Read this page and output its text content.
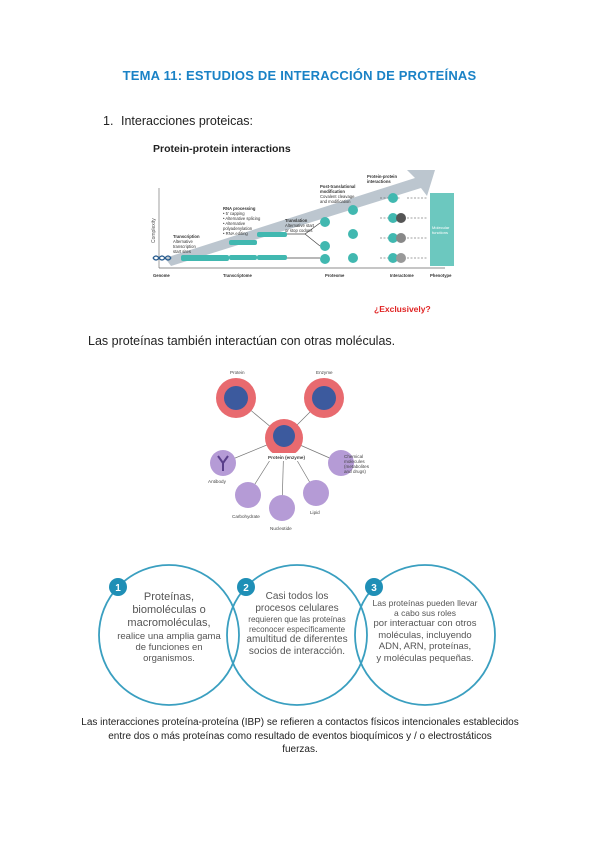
TEMA 11: ESTUDIOS DE INTERACCIÓN DE PROTEÍNAS
1. Interacciones proteicas:
Protein-protein interactions
Complexity	Molecular
functions
Transcription
Alternative
transcription
start sites
RNA processing
• 5' capping
• Alternative splicing
• Alternative
polyadenylation
• RNA editing
Translation
Alternative start
or stop codons
Post-translational
modification
Covalent cleavage
and modification
Protein-protein
interactions
Genome	Transcriptome	Proteome	Interactome	Phenotype
¿Exclusively?
Las proteínas también interactúan con otras moléculas.
Protein (enzyme)
Protein	Enzyme
Chemical
molecules
(metabolites
and drugs)
Lipid
Nucleotide
Carbohydrate
Antibody
1	2	3
Proteínas,
biomoléculas o
macromoléculas,
realice una amplia gama
de funciones en
organismos.
Casi todos los
procesos celulares
requieren que las proteínas
reconocer específicamente
amultitud de diferentes
socios de interacción.
Las proteínas pueden llevar
a cabo sus roles
por interactuar con otros
moléculas, incluyendo
ADN, ARN, proteínas,
y moléculas pequeñas.
Las interacciones proteína-proteína (IBP) se refieren a contactos físicos intencionales establecidos
entre dos o más proteínas como resultado de eventos bioquímicos y / o electrostáticos
fuerzas.
